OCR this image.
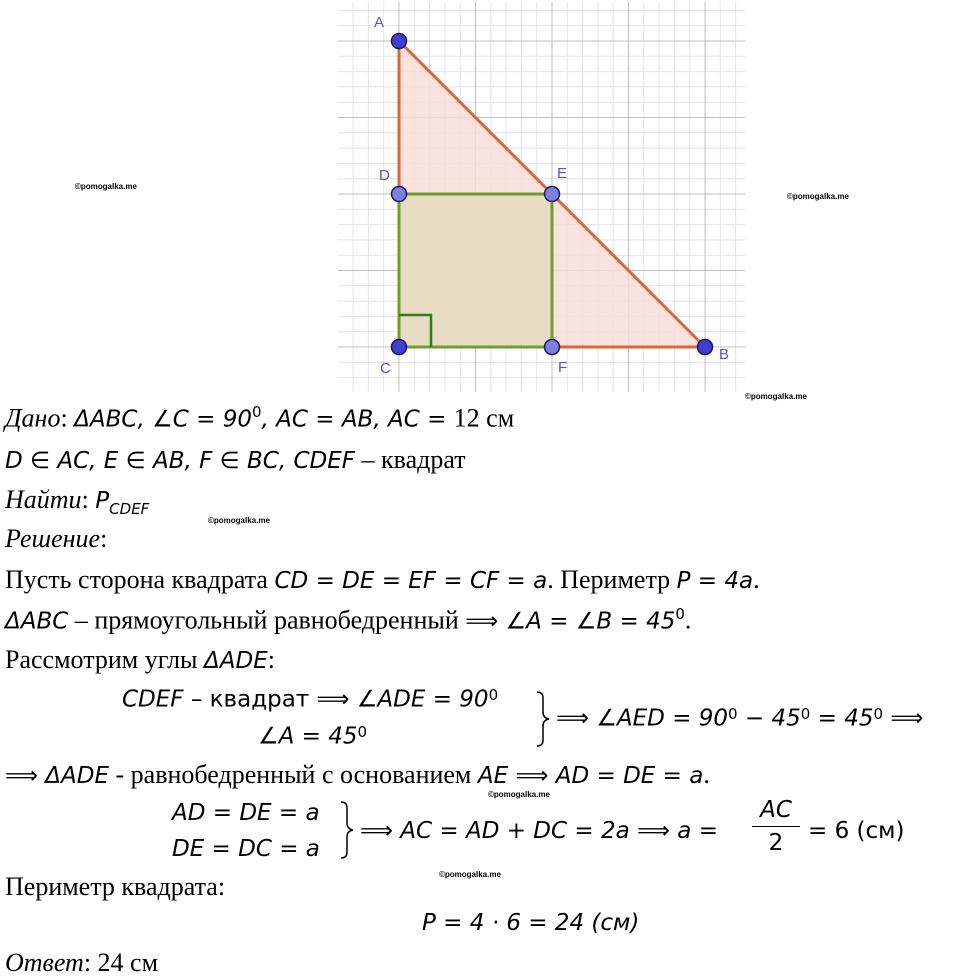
A
D	E
C	F
B
©pomogalka.me
©pomogalka.me
©pomogalka.me
©pomogalka.me
©pomogalka.me
©pomogalka.me
Дано: ΔABC, ∠C = $90^0$, AC = AB, AC = 12 см
D ∈ AC, E ∈ AB, F ∈ BC, CDEF – квадрат
Найти: $P_{CDEF}$
Решение:
Пусть сторона квадрата CD = DE = EF = CF = a. Периметр P = 4a.
ΔABC – прямоугольный равнобедренный ⟹ ∠A = ∠B = $45^0$.
Рассмотрим углы ΔADE:
CDEF – квадрат ⟹ ∠ADE = $90^0$
∠A = $45^0$
⟹ ∠AED = $90^0 - 45^0 = 45^0$ ⟹
⟹ ΔADE - равнобедренный с основанием AE ⟹ AD = DE = a.
AD = DE = a
DE = DC = a
⟹ AC = AD + DC = 2a ⟹ a =
AC
2	= 6 (см)
Периметр квадрата:
P = 4 · 6 = 24 (см)
Ответ: 24 см
